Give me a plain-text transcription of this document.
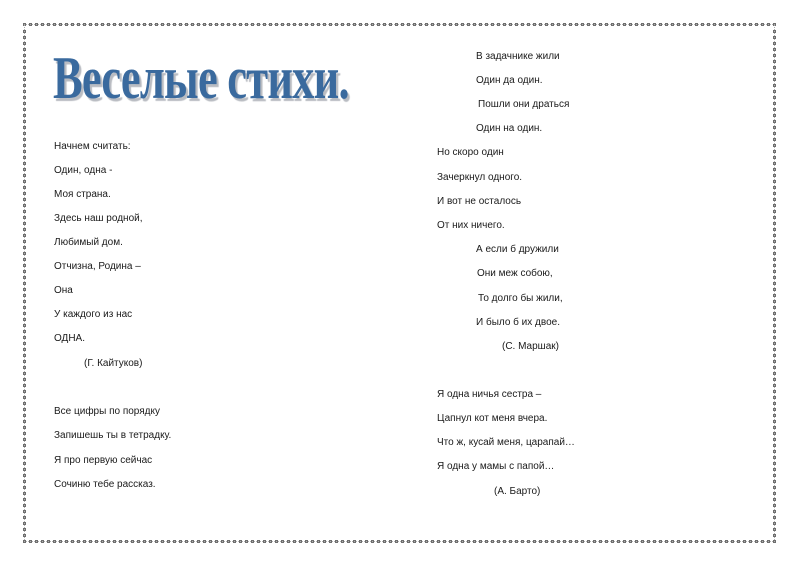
Веселые стихи.

Начнем считать:

Один, одна -

Моя страна.

Здесь наш родной,

Любимый дом.

Отчизна, Родина –

Она

У каждого из нас

ОДНА.

(Г. Кайтуков)

Все цифры по порядку

Запишешь ты в тетрадку.

Я про первую сейчас

Сочиню тебе рассказ.

В задачнике жили

Один да один.

Пошли они драться

Один на один.

Но скоро один

Зачеркнул одного.

И вот не осталось

От них ничего.

А если б дружили

Они меж собою,

То долго бы жили,

И было б их двое.

(С. Маршак)

Я одна ничья сестра –

Цапнул кот меня вчера.

Что ж, кусай меня, царапай…

Я одна у мамы с папой…

(А. Барто)
